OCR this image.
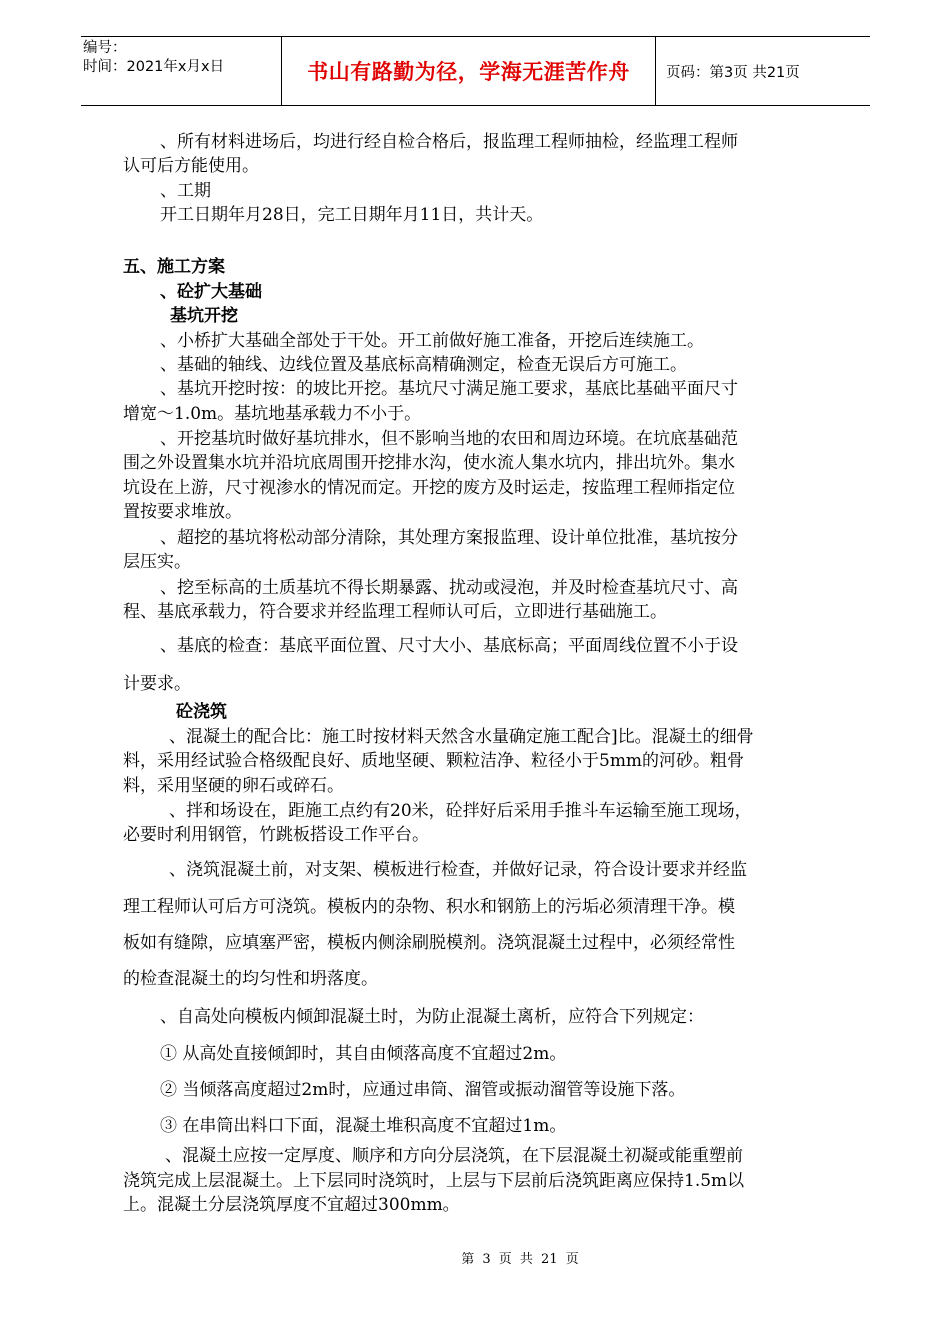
编号：
时间：2021年x月x日	书山有路勤为径，学海无涯苦作舟	页码：第3页 共21页
、所有材料进场后，均进行经自检合格后，报监理工程师抽检，经监理工程师
认可后方能使用。
、工期
开工日期年月28日，完工日期年月11日，共计天。
五、施工方案
、砼扩大基础
基坑开挖
、小桥扩大基础全部处于干处。开工前做好施工准备，开挖后连续施工。
、基础的轴线、边线位置及基底标高精确测定，检查无误后方可施工。
、基坑开挖时按：的坡比开挖。基坑尺寸满足施工要求，基底比基础平面尺寸
增宽～1.0m。基坑地基承载力不小于。
、开挖基坑时做好基坑排水，但不影响当地的农田和周边环境。在坑底基础范
围之外设置集水坑并沿坑底周围开挖排水沟，使水流人集水坑内，排出坑外。集水
坑设在上游，尺寸视渗水的情况而定。开挖的废方及时运走，按监理工程师指定位
置按要求堆放。
、超挖的基坑将松动部分清除，其处理方案报监理、设计单位批准，基坑按分
层压实。
、挖至标高的土质基坑不得长期暴露、扰动或浸泡，并及时检查基坑尺寸、高
程、基底承载力，符合要求并经监理工程师认可后，立即进行基础施工。
、基底的检查：基底平面位置、尺寸大小、基底标高；平面周线位置不小于设
计要求。
砼浇筑
、混凝土的配合比：施工时按材料天然含水量确定施工配合]比。混凝土的细骨
料，采用经试验合格级配良好、质地坚硬、颗粒洁净、粒径小于5mm的河砂。粗骨
料，采用坚硬的卵石或碎石。
、拌和场设在，距施工点约有20米，砼拌好后采用手推斗车运输至施工现场，
必要时利用钢管，竹跳板搭设工作平台。
、浇筑混凝土前，对支架、模板进行检查，并做好记录，符合设计要求并经监
理工程师认可后方可浇筑。模板内的杂物、积水和钢筋上的污垢必须清理干净。模
板如有缝隙，应填塞严密，模板内侧涂刷脱模剂。浇筑混凝土过程中，必须经常性
的检查混凝土的均匀性和坍落度。
、自高处向模板内倾卸混凝土时，为防止混凝土离析，应符合下列规定：
① 从高处直接倾卸时，其自由倾落高度不宜超过2m。
② 当倾落高度超过2m时，应通过串筒、溜管或振动溜管等设施下落。
③ 在串筒出料口下面，混凝土堆积高度不宜超过1m。
、混凝土应按一定厚度、顺序和方向分层浇筑，在下层混凝土初凝或能重塑前
浇筑完成上层混凝土。上下层同时浇筑时，上层与下层前后浇筑距离应保持1.5m以
上。混凝土分层浇筑厚度不宜超过300mm。
第 3 页 共 21 页
